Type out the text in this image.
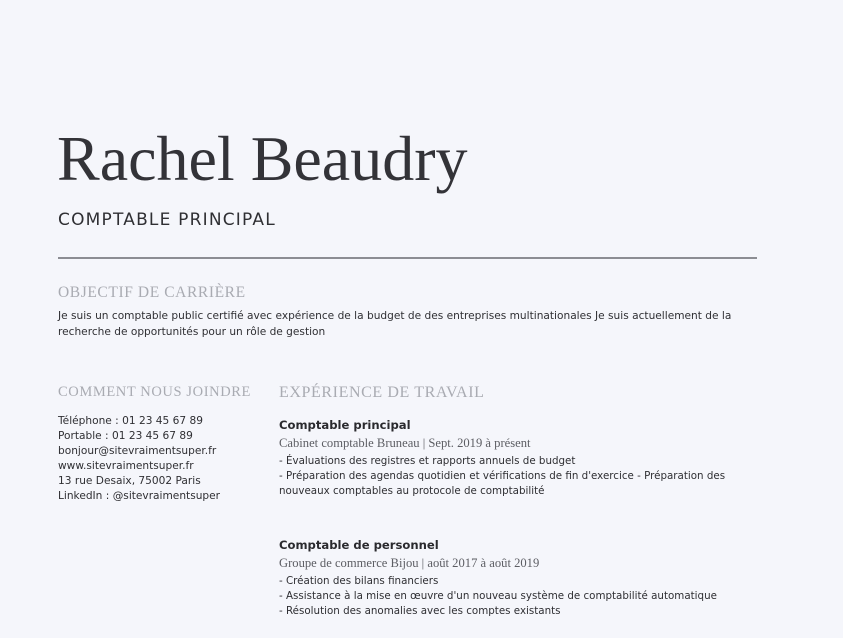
Rachel Beaudry
COMPTABLE PRINCIPAL
OBJECTIF DE CARRIÈRE
Je suis un comptable public certifié avec expérience de la budget de des entreprises multinationales Je suis actuellement de la recherche de opportunités pour un rôle de gestion
COMMENT NOUS JOINDRE
Téléphone : 01 23 45 67 89
Portable : 01 23 45 67 89
bonjour@sitevraimentsuper.fr
www.sitevraimentsuper.fr
13 rue Desaix, 75002 Paris
LinkedIn : @sitevraimentsuper
EXPÉRIENCE DE TRAVAIL
Comptable principal
Cabinet comptable Bruneau | Sept. 2019 à présent
- Évaluations des registres et rapports annuels de budget
- Préparation des agendas quotidien et vérifications de fin d'exercice - Préparation des nouveaux comptables au protocole de comptabilité
Comptable de personnel
Groupe de commerce Bijou | août 2017 à août 2019
- Création des bilans financiers
- Assistance à la mise en œuvre d'un nouveau système de comptabilité automatique
- Résolution des anomalies avec les comptes existants
